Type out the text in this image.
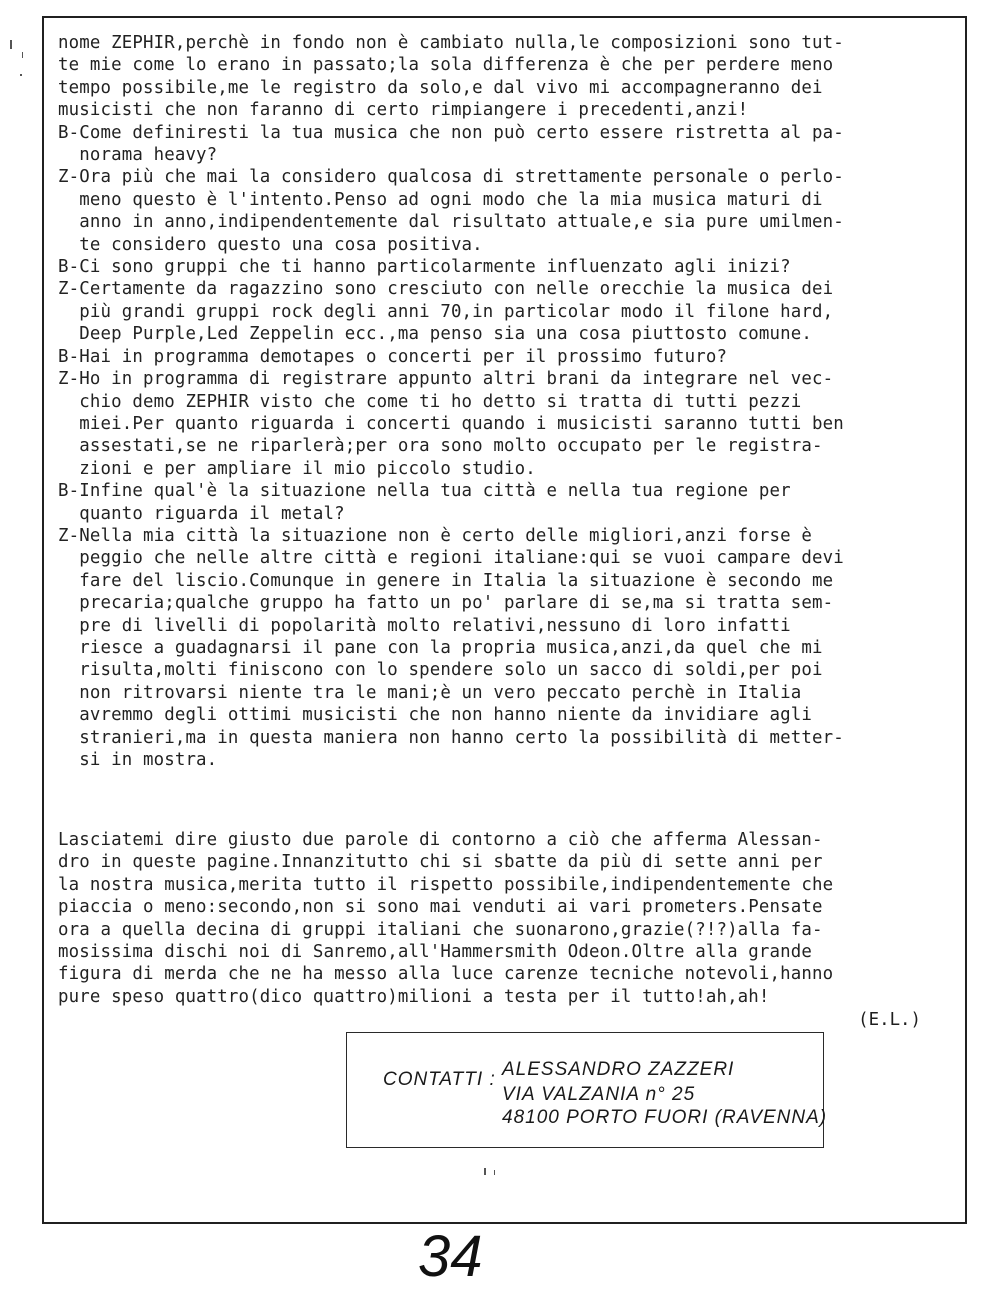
nome ZEPHIR,perchè in fondo non è cambiato nulla,le composizioni sono tut-
te mie come lo erano in passato;la sola differenza è che per perdere meno
tempo possibile,me le registro da solo,e dal vivo mi accompagneranno dei
musicisti che non faranno di certo rimpiangere i precedenti,anzi!
B-Come definiresti la tua musica che non può certo essere ristretta al pa-
norama heavy?
Z-Ora più che mai la considero qualcosa di strettamente personale o perlo-
meno questo è l'intento.Penso ad ogni modo che la mia musica maturi di
anno in anno,indipendentemente dal risultato attuale,e sia pure umilmen-
te considero questo una cosa positiva.
B-Ci sono gruppi che ti hanno particolarmente influenzato agli inizi?
Z-Certamente da ragazzino sono cresciuto con nelle orecchie la musica dei
più grandi gruppi rock degli anni 70,in particolar modo il filone hard,
Deep Purple,Led Zeppelin ecc.,ma penso sia una cosa piuttosto comune.
B-Hai in programma demotapes o concerti per il prossimo futuro?
Z-Ho in programma di registrare appunto altri brani da integrare nel vec-
chio demo ZEPHIR visto che come ti ho detto si tratta di tutti pezzi
miei.Per quanto riguarda i concerti quando i musicisti saranno tutti ben
assestati,se ne riparlerà;per ora sono molto occupato per le registra-
zioni e per ampliare il mio piccolo studio.
B-Infine qual'è la situazione nella tua città e nella tua regione per
quanto riguarda il metal?
Z-Nella mia città la situazione non è certo delle migliori,anzi forse è
peggio che nelle altre città e regioni italiane:qui se vuoi campare devi
fare del liscio.Comunque in genere in Italia la situazione è secondo me
precaria;qualche gruppo ha fatto un po' parlare di se,ma si tratta sem-
pre di livelli di popolarità molto relativi,nessuno di loro infatti
riesce a guadagnarsi il pane con la propria musica,anzi,da quel che mi
risulta,molti finiscono con lo spendere solo un sacco di soldi,per poi
non ritrovarsi niente tra le mani;è un vero peccato perchè in Italia
avremmo degli ottimi musicisti che non hanno niente da invidiare agli
stranieri,ma in questa maniera non hanno certo la possibilità di metter-
si in mostra.
Lasciatemi dire giusto due parole di contorno a ciò che afferma Alessan-
dro in queste pagine.Innanzitutto chi si sbatte da più di sette anni per
la nostra musica,merita tutto il rispetto possibile,indipendentemente che
piaccia o meno:secondo,non si sono mai venduti ai vari prometers.Pensate
ora a quella decina di gruppi italiani che suonarono,grazie(?!?)alla fa-
mosissima dischi noi di Sanremo,all'Hammersmith Odeon.Oltre alla grande
figura di merda che ne ha messo alla luce carenze tecniche notevoli,hanno
pure speso quattro(dico quattro)milioni a testa per il tutto!ah,ah!
(E.L.)
CONTATTI : ALESSANDRO ZAZZERI
VIA VALZANIA n° 25
48100 PORTO FUORI (RAVENNA)
34
